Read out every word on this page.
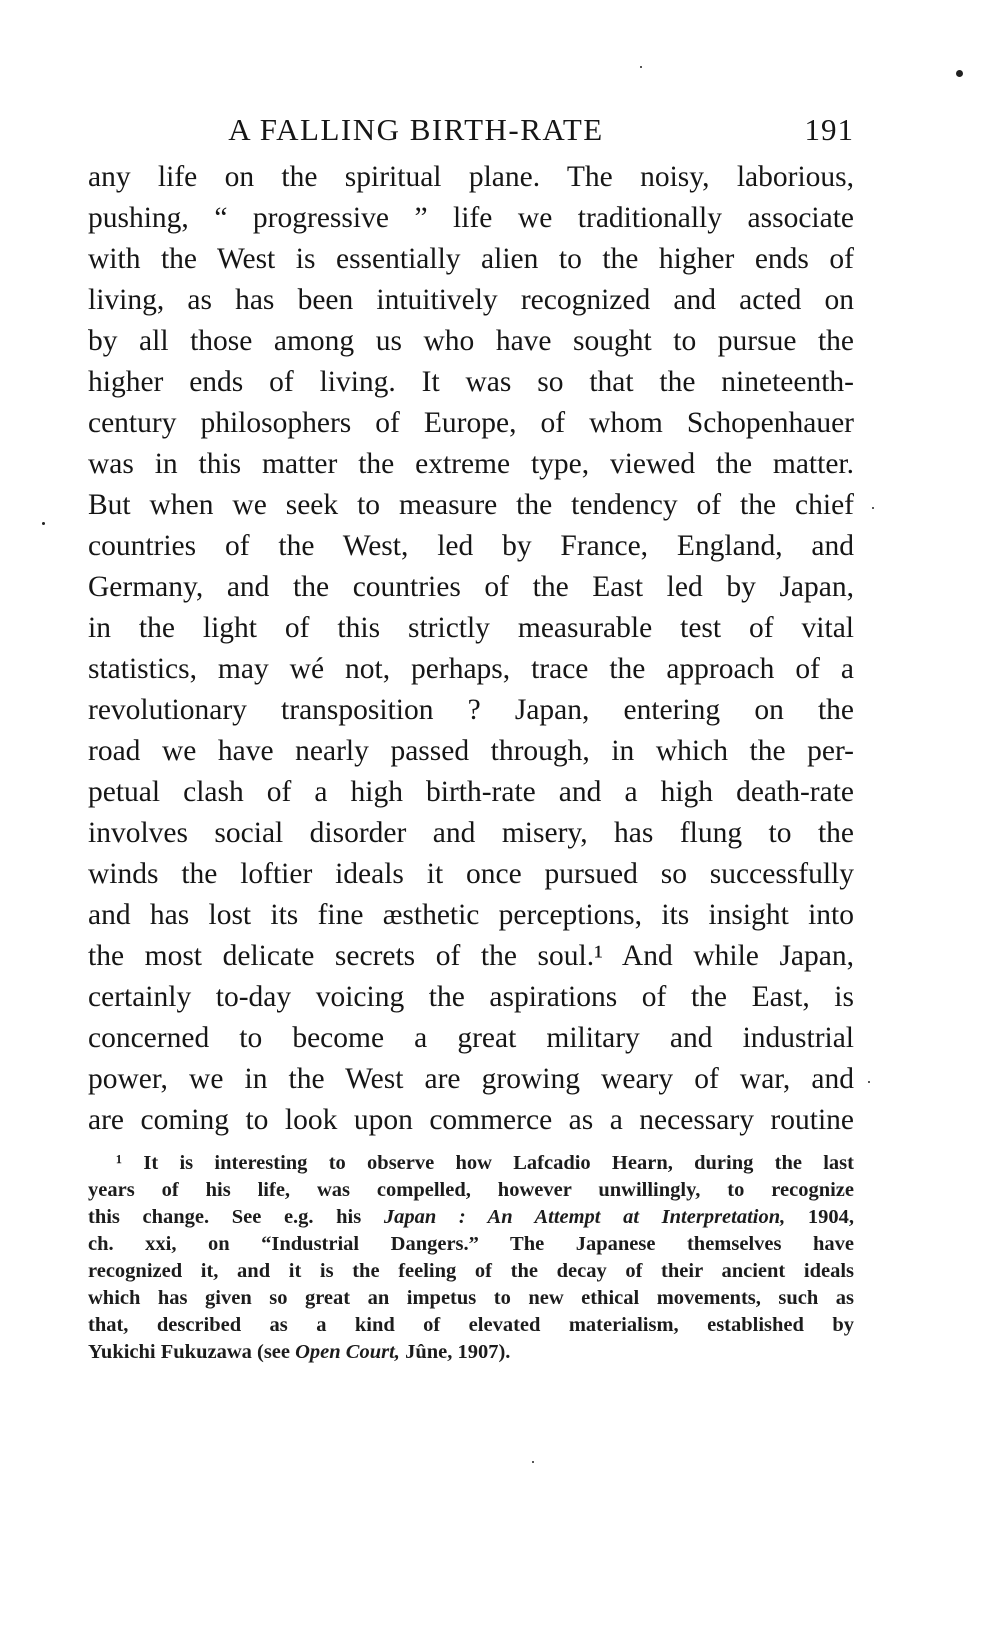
A FALLING BIRTH-RATE	191
any life on the spiritual plane. The noisy, laborious,
pushing, “ progressive ” life we traditionally associate
with the West is essentially alien to the higher ends of
living, as has been intuitively recognized and acted on
by all those among us who have sought to pursue the
higher ends of living. It was so that the nineteenth-
century philosophers of Europe, of whom Schopenhauer
was in this matter the extreme type, viewed the matter.
But when we seek to measure the tendency of the chief
countries of the West, led by France, England, and
Germany, and the countries of the East led by Japan,
in the light of this strictly measurable test of vital
statistics, may wé not, perhaps, trace the approach of a
revolutionary transposition ? Japan, entering on the
road we have nearly passed through, in which the per-
petual clash of a high birth-rate and a high death-rate
involves social disorder and misery, has flung to the
winds the loftier ideals it once pursued so successfully
and has lost its fine æsthetic perceptions, its insight into
the most delicate secrets of the soul.¹ And while Japan,
certainly to-day voicing the aspirations of the East, is
concerned to become a great military and industrial
power, we in the West are growing weary of war, and
are coming to look upon commerce as a necessary routine
¹ It is interesting to observe how Lafcadio Hearn, during the last
years of his life, was compelled, however unwillingly, to recognize
this change. See e.g. his Japan : An Attempt at Interpretation, 1904,
ch. xxi, on “Industrial Dangers.” The Japanese themselves have
recognized it, and it is the feeling of the decay of their ancient ideals
which has given so great an impetus to new ethical movements, such as
that, described as a kind of elevated materialism, established by
Yukichi Fukuzawa (see Open Court, Jûne, 1907).
